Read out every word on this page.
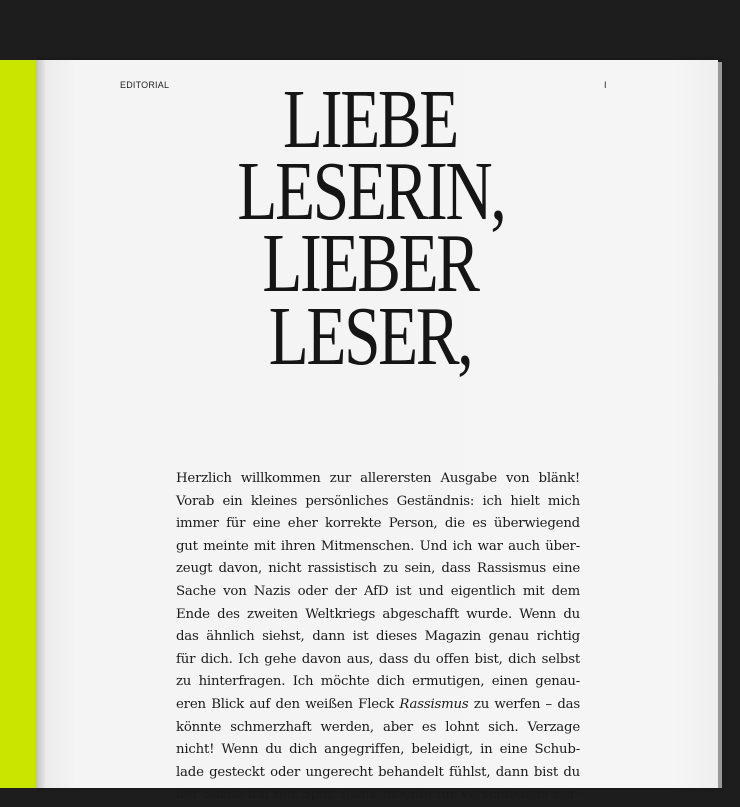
EDITORIAL	I
LIEBE
LESERIN,
LIEBER
LESER,
Herzlich willkommen zur allerersten Ausgabe von blänk!
Vorab ein kleines persönliches Geständnis: ich hielt mich
immer für eine eher korrekte Person, die es überwiegend
gut meinte mit ihren Mitmenschen. Und ich war auch über-
zeugt davon, nicht rassistisch zu sein, dass Rassismus eine
Sache von Nazis oder der AfD ist und eigentlich mit dem
Ende des zweiten Weltkriegs abgeschafft wurde. Wenn du
das ähnlich siehst, dann ist dieses Magazin genau richtig
für dich. Ich gehe davon aus, dass du offen bist, dich selbst
zu hinterfragen. Ich möchte dich ermutigen, einen genau-
eren Blick auf den weißen Fleck Rassismus zu werfen – das
könnte schmerzhaft werden, aber es lohnt sich. Verzage
nicht! Wenn du dich angegriffen, beleidigt, in eine Schub-
lade gesteckt oder ungerecht behandelt fühlst, dann bist du
der Sache auf der Spur. blänk möchte für verschiedene For-
